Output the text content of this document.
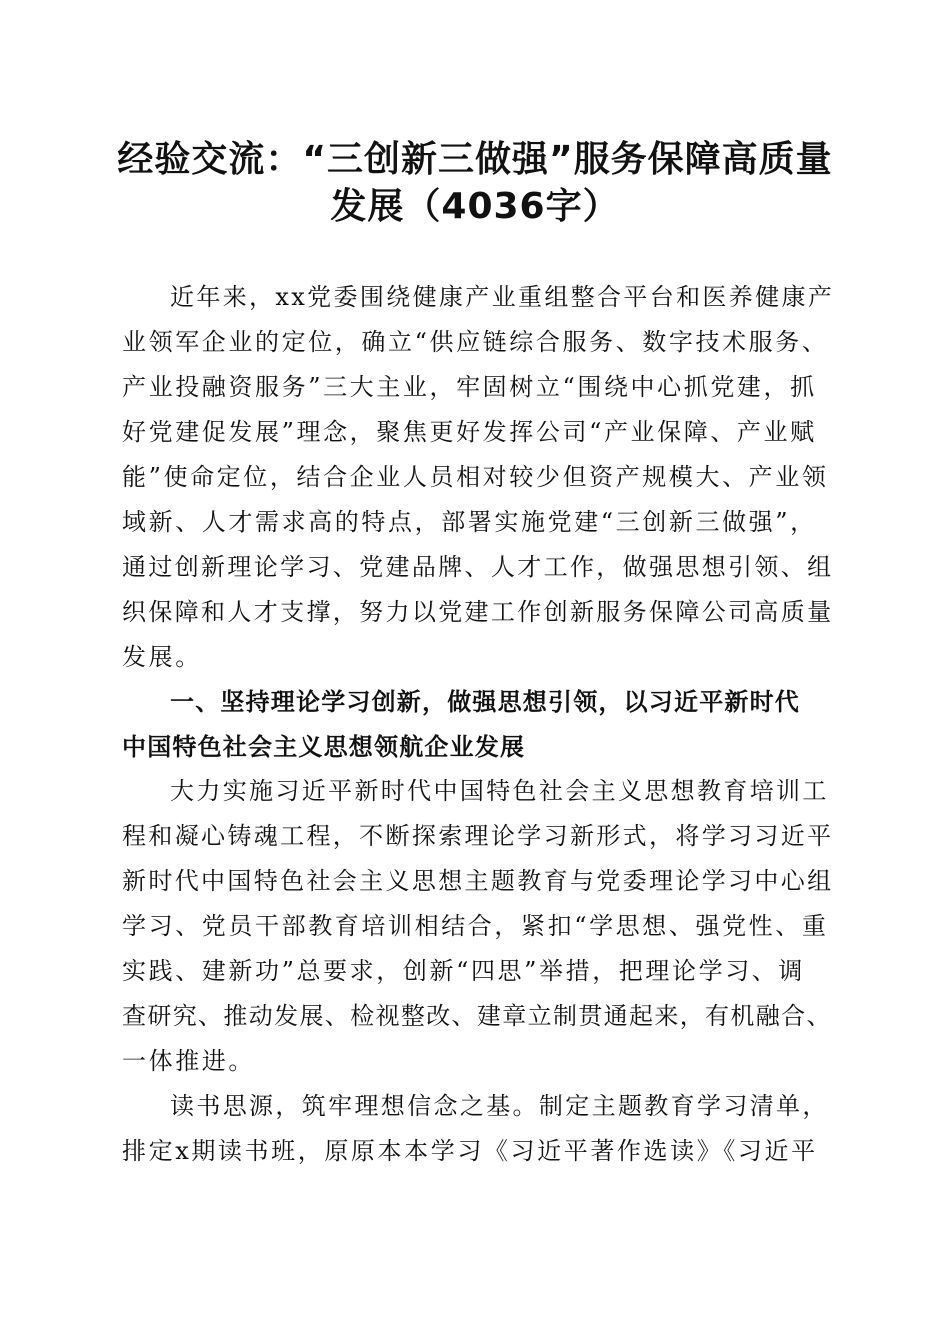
经验交流：“三创新三做强”服务保障高质量
发展（4036字）
近年来，xx党委围绕健康产业重组整合平台和医养健康产
业领军企业的定位，确立“供应链综合服务、数字技术服务、
产业投融资服务”三大主业，牢固树立“围绕中心抓党建，抓
好党建促发展”理念，聚焦更好发挥公司“产业保障、产业赋
能”使命定位，结合企业人员相对较少但资产规模大、产业领
域新、人才需求高的特点，部署实施党建“三创新三做强”，
通过创新理论学习、党建品牌、人才工作，做强思想引领、组
织保障和人才支撑，努力以党建工作创新服务保障公司高质量
发展。
一、坚持理论学习创新，做强思想引领，以习近平新时代
中国特色社会主义思想领航企业发展
大力实施习近平新时代中国特色社会主义思想教育培训工
程和凝心铸魂工程，不断探索理论学习新形式，将学习习近平
新时代中国特色社会主义思想主题教育与党委理论学习中心组
学习、党员干部教育培训相结合，紧扣“学思想、强党性、重
实践、建新功”总要求，创新“四思”举措，把理论学习、调
查研究、推动发展、检视整改、建章立制贯通起来，有机融合、
一体推进。
读书思源，筑牢理想信念之基。制定主题教育学习清单，
排定x期读书班，原原本本学习《习近平著作选读》《习近平
